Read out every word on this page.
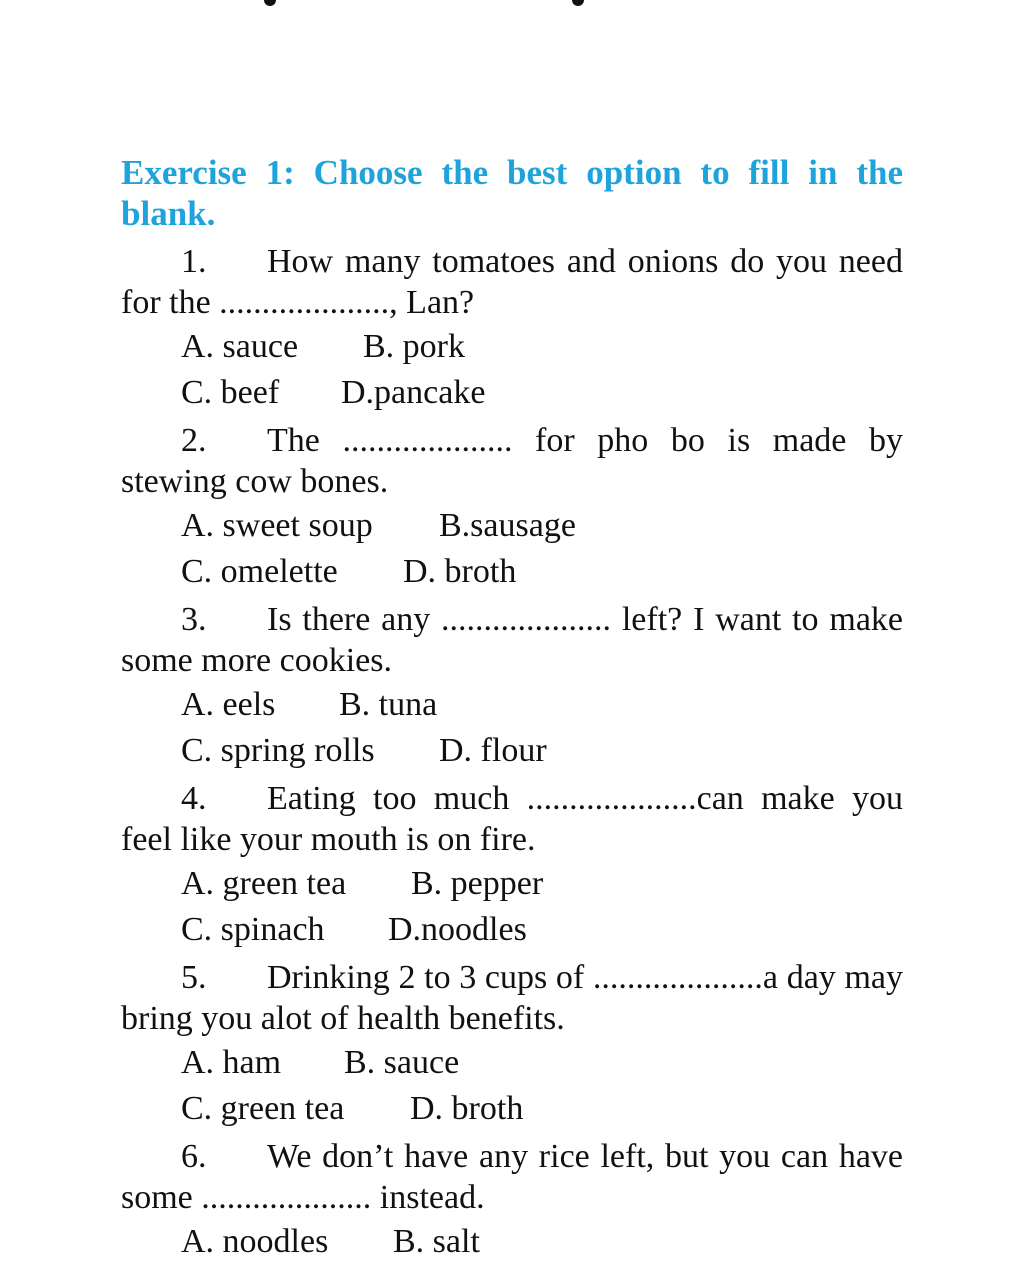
Exercise 1: Choose the best option to fill in the blank.
1. How many tomatoes and onions do you need for the ...................., Lan?
A. sauce B. pork
C. beef D.pancake
2. The .................... for pho bo is made by stewing cow bones.
A. sweet soup B.sausage
C. omelette D. broth
3. Is there any .................... left? I want to make some more cookies.
A. eels B. tuna
C. spring rolls D. flour
4. Eating too much ....................can make you feel like your mouth is on fire.
A. green tea B. pepper
C. spinach D.noodles
5. Drinking 2 to 3 cups of ....................a day may bring you alot of health benefits.
A. ham B. sauce
C. green tea D. broth
6. We don’t have any rice left, but you can have some .................... instead.
A. noodles B. salt
